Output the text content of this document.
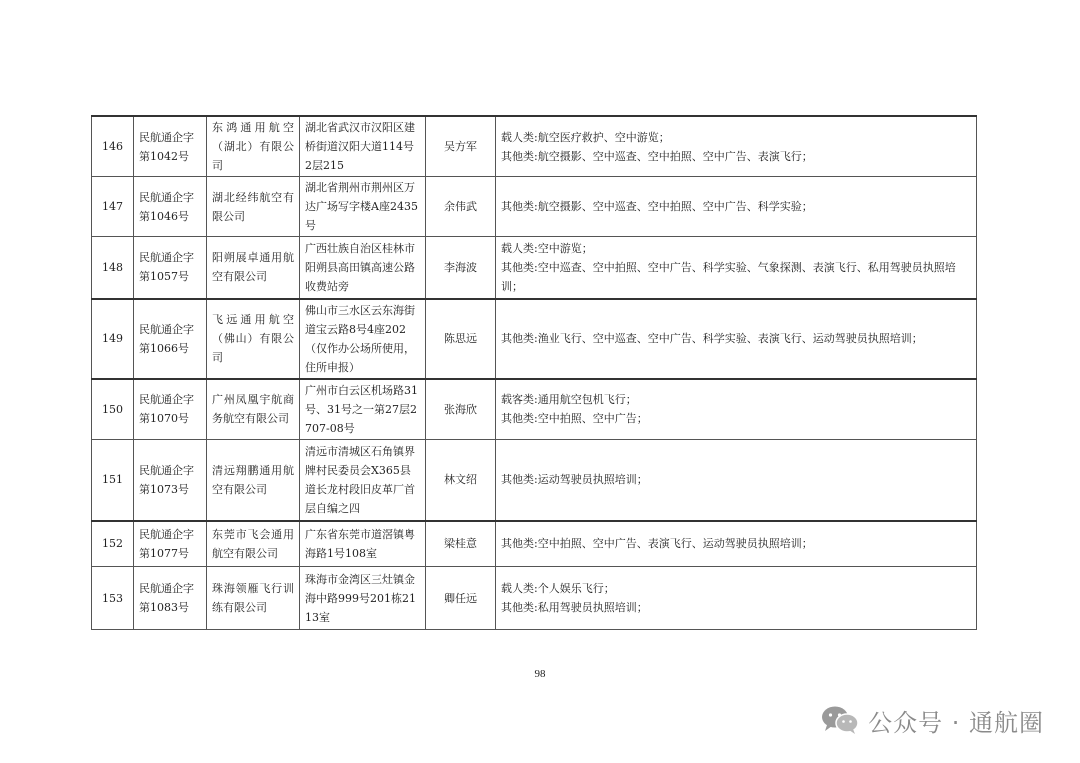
146	民航通企字第1042号	东鸿通用航空（湖北）有限公司	湖北省武汉市汉阳区建桥街道汉阳大道114号2层215	吴方军	载人类:航空医疗救护、空中游览；
其他类:航空摄影、空中巡查、空中拍照、空中广告、表演飞行；

147	民航通企字第1046号	湖北经纬航空有限公司	湖北省荆州市荆州区万达广场写字楼A座2435号	余伟武	其他类:航空摄影、空中巡查、空中拍照、空中广告、科学实验；

148	民航通企字第1057号	阳朔展卓通用航空有限公司	广西壮族自治区桂林市阳朔县高田镇高速公路收费站旁	李海波	载人类:空中游览；
其他类:空中巡查、空中拍照、空中广告、科学实验、气象探测、表演飞行、私用驾驶员执照培训；

149	民航通企字第1066号	飞远通用航空（佛山）有限公司	佛山市三水区云东海街道宝云路8号4座202（仅作办公场所使用，住所申报）	陈思远	其他类:渔业飞行、空中巡查、空中广告、科学实验、表演飞行、运动驾驶员执照培训；

150	民航通企字第1070号	广州凤凰宇航商务航空有限公司	广州市白云区机场路31号、31号之一第27层2707-08号	张海欣	载客类:通用航空包机飞行；
其他类:空中拍照、空中广告；

151	民航通企字第1073号	清远翔鹏通用航空有限公司	清远市清城区石角镇界牌村民委员会X365县道长龙村段旧皮革厂首层自编之四	林文绍	其他类:运动驾驶员执照培训；

152	民航通企字第1077号	东莞市飞会通用航空有限公司	广东省东莞市道滘镇粤海路1号108室	梁桂意	其他类:空中拍照、空中广告、表演飞行、运动驾驶员执照培训；

153	民航通企字第1083号	珠海领雁飞行训练有限公司	珠海市金湾区三灶镇金海中路999号201栋2113室	卿任远	载人类:个人娱乐飞行；
其他类:私用驾驶员执照培训；
98
公众号 · 通航圈
